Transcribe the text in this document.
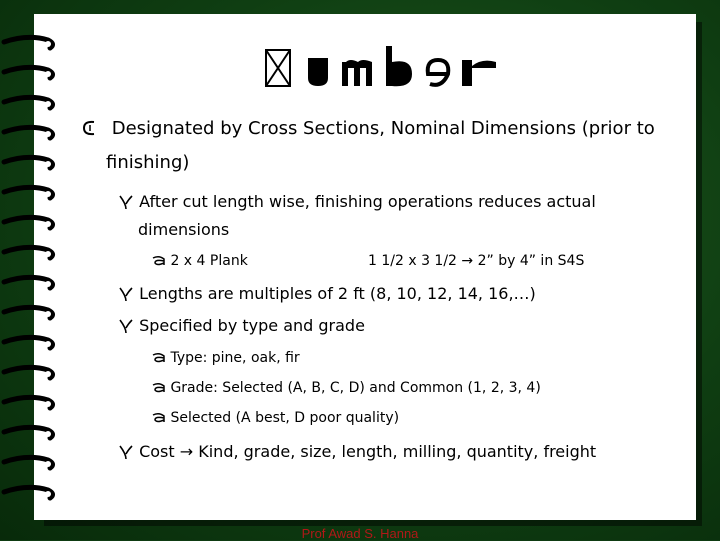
Designated by Cross Sections, Nominal Dimensions (prior to
finishing)
After cut length wise, finishing operations reduces actual
dimensions
2 x 4 Plank	1 1/2 x 3 1/2 → 2” by 4” in S4S
Lengths are multiples of 2 ft (8, 10, 12, 14, 16,…)
Specified by type and grade
Type: pine, oak, fir
Grade: Selected (A, B, C, D) and Common (1, 2, 3, 4)
Selected (A best, D poor quality)
Cost → Kind, grade, size, length, milling, quantity, freight
Prof Awad S. Hanna
